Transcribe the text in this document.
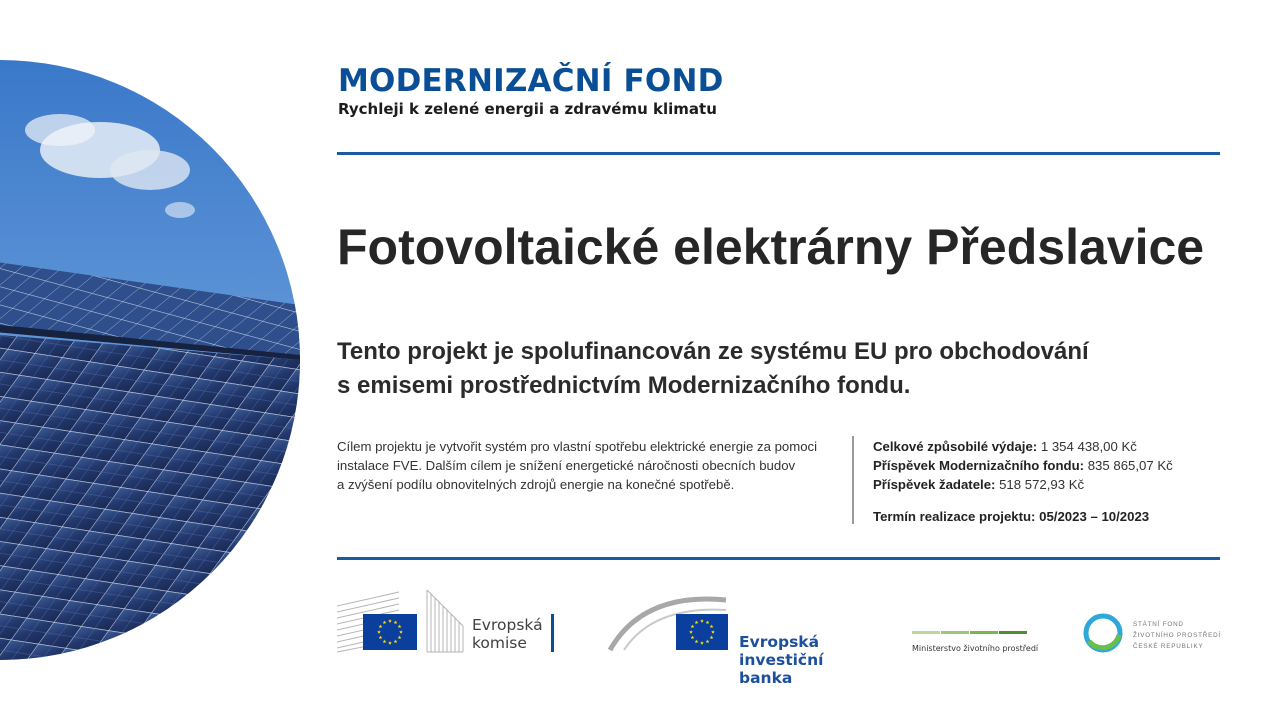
MODERNIZAČNÍ FOND
Rychleji k zelené energii a zdravému klimatu
Fotovoltaické elektrárny Předslavice
Tento projekt je spolufinancován ze systému EU pro obchodování
s emisemi prostřednictvím Modernizačního fondu.
Cílem projektu je vytvořit systém pro vlastní spotřebu elektrické energie za pomoci
instalace FVE. Dalším cílem je snížení energetické náročnosti obecních budov
a zvýšení podílu obnovitelných zdrojů energie na konečné spotřebě.
Celkové způsobilé výdaje: 1 354 438,00 Kč
Příspěvek Modernizačního fondu: 835 865,07 Kč
Příspěvek žadatele: 518 572,93 Kč
Termín realizace projektu: 05/2023 – 10/2023
Evropská
komise	Evropská
investiční banka
Ministerstvo životního prostředí
STÁTNÍ FOND
ŽIVOTNÍHO PROSTŘEDÍ
ČESKÉ REPUBLIKY
